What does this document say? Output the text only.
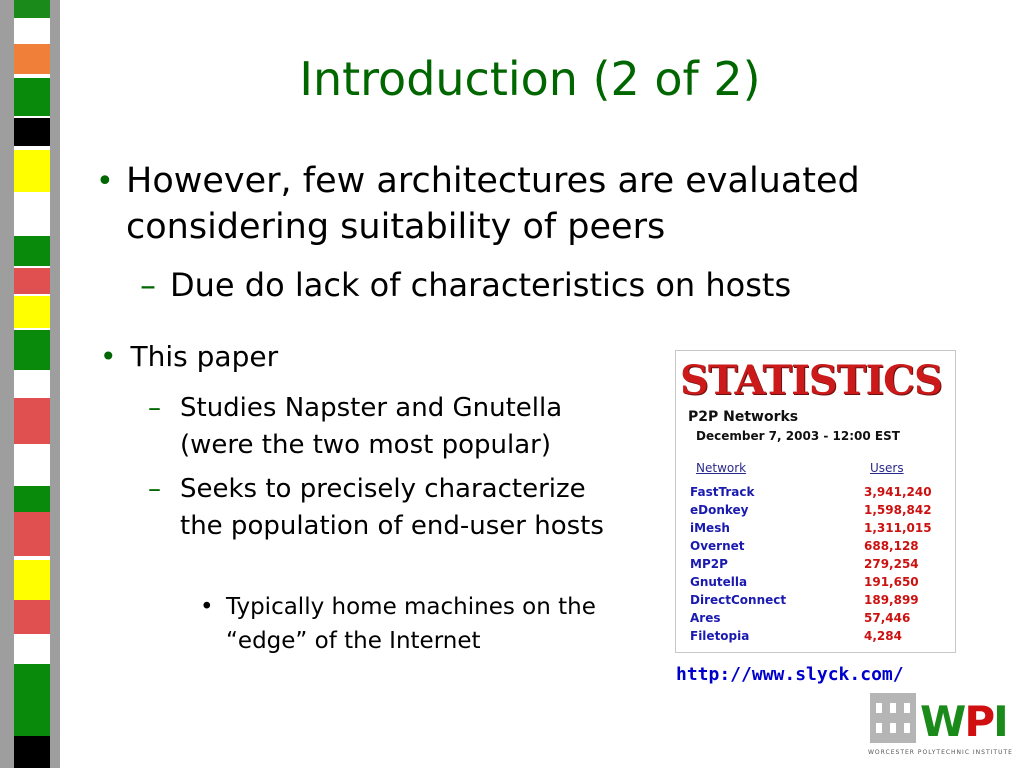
Introduction (2 of 2)
• However, few architectures are evaluated considering suitability of peers
– Due do lack of characteristics on hosts
• This paper
– Studies Napster and Gnutella (were the two most popular)
– Seeks to precisely characterize the population of end-user hosts
• Typically home machines on the “edge” of the Internet
STATISTICS
P2P Networks
December 7, 2003 - 12:00 EST
Network	Users
FastTrack	3,941,240
eDonkey	1,598,842
iMesh	1,311,015
Overnet	688,128
MP2P	279,254
Gnutella	191,650
DirectConnect	189,899
Ares	57,446
Filetopia	4,284
http://www.slyck.com/
WPI
WORCESTER POLYTECHNIC INSTITUTE
